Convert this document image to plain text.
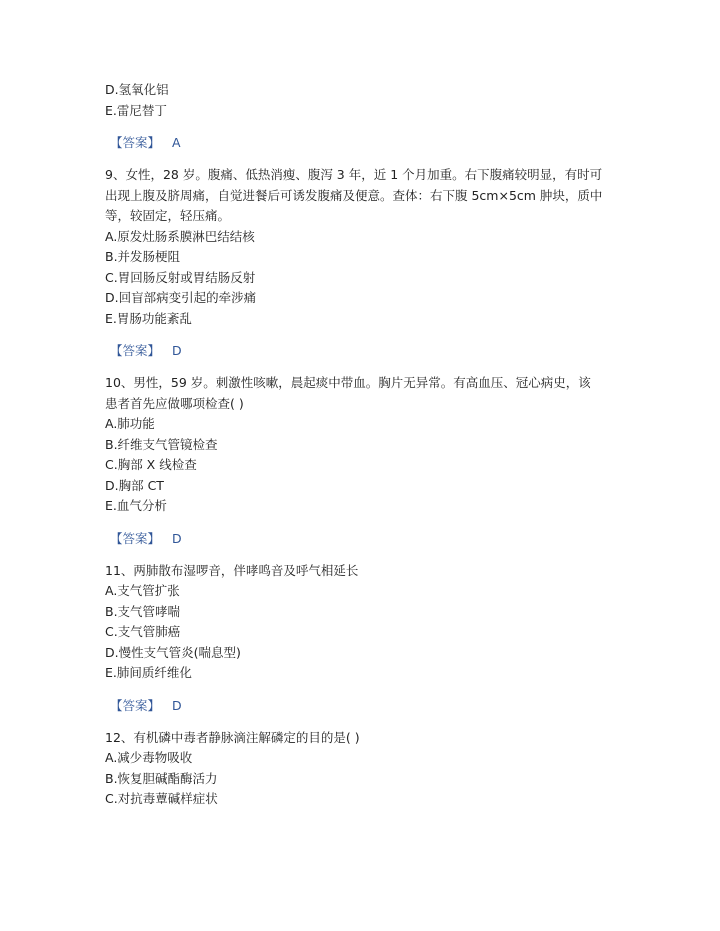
D.氢氧化铝

E.雷尼替丁

【答案】 A

9、女性，28 岁。腹痛、低热消瘦、腹泻 3 年，近 1 个月加重。右下腹痛较明显，有时可

出现上腹及脐周痛，自觉进餐后可诱发腹痛及便意。查体：右下腹 5cm×5cm 肿块，质中

等，较固定，轻压痛。

A.原发灶肠系膜淋巴结结核

B.并发肠梗阻

C.胃回肠反射或胃结肠反射

D.回盲部病变引起的牵涉痛

E.胃肠功能紊乱

【答案】 D

10、男性，59 岁。刺激性咳嗽，晨起痰中带血。胸片无异常。有高血压、冠心病史，该

患者首先应做哪项检查( )

A.肺功能

B.纤维支气管镜检查

C.胸部 X 线检查

D.胸部 CT

E.血气分析

【答案】 D

11、两肺散布湿啰音，伴哮鸣音及呼气相延长

A.支气管扩张

B.支气管哮喘

C.支气管肺癌

D.慢性支气管炎(喘息型)

E.肺间质纤维化

【答案】 D

12、有机磷中毒者静脉滴注解磷定的目的是( )

A.减少毒物吸收

B.恢复胆碱酯酶活力

C.对抗毒蕈碱样症状
